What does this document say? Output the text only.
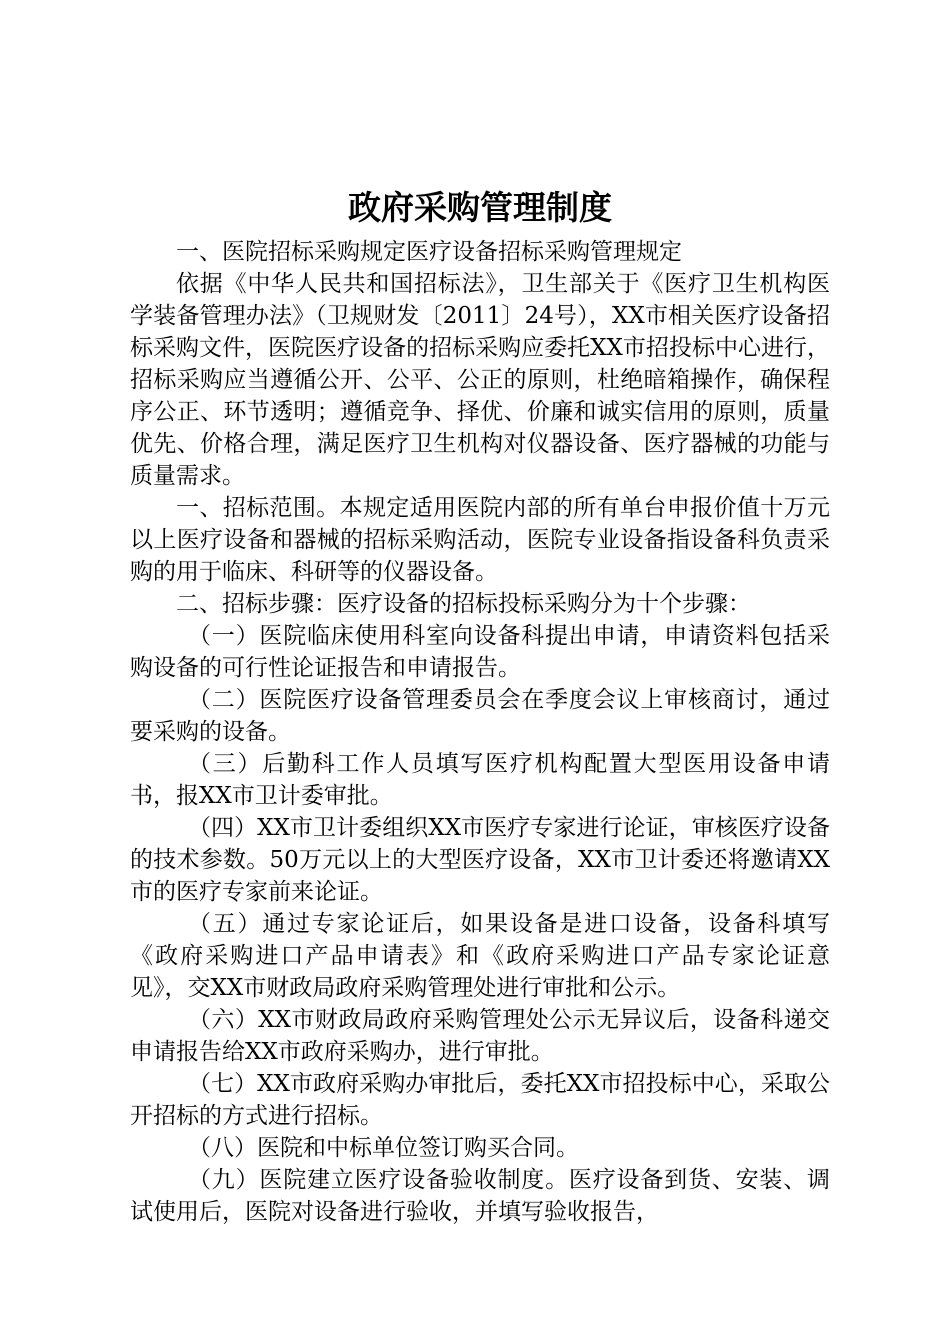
政府采购管理制度

一、医院招标采购规定医疗设备招标采购管理规定

依据《中华人民共和国招标法》，卫生部关于《医疗卫生机构医学装备管理办法》（卫规财发〔2011〕24号），XX市相关医疗设备招标采购文件，医院医疗设备的招标采购应委托XX市招投标中心进行，招标采购应当遵循公开、公平、公正的原则，杜绝暗箱操作，确保程序公正、环节透明；遵循竞争、择优、价廉和诚实信用的原则，质量优先、价格合理，满足医疗卫生机构对仪器设备、医疗器械的功能与质量需求。

一、招标范围。本规定适用医院内部的所有单台申报价值十万元以上医疗设备和器械的招标采购活动，医院专业设备指设备科负责采购的用于临床、科研等的仪器设备。

二、招标步骤：医疗设备的招标投标采购分为十个步骤：

（一）医院临床使用科室向设备科提出申请，申请资料包括采购设备的可行性论证报告和申请报告。

（二）医院医疗设备管理委员会在季度会议上审核商讨，通过要采购的设备。

（三）后勤科工作人员填写医疗机构配置大型医用设备申请书，报XX市卫计委审批。

（四）XX市卫计委组织XX市医疗专家进行论证，审核医疗设备的技术参数。50万元以上的大型医疗设备，XX市卫计委还将邀请XX市的医疗专家前来论证。

（五）通过专家论证后，如果设备是进口设备，设备科填写《政府采购进口产品申请表》和《政府采购进口产品专家论证意见》，交XX市财政局政府采购管理处进行审批和公示。

（六）XX市财政局政府采购管理处公示无异议后，设备科递交申请报告给XX市政府采购办，进行审批。

（七）XX市政府采购办审批后，委托XX市招投标中心，采取公开招标的方式进行招标。

（八）医院和中标单位签订购买合同。

（九）医院建立医疗设备验收制度。医疗设备到货、安装、调试使用后，医院对设备进行验收，并填写验收报告，
